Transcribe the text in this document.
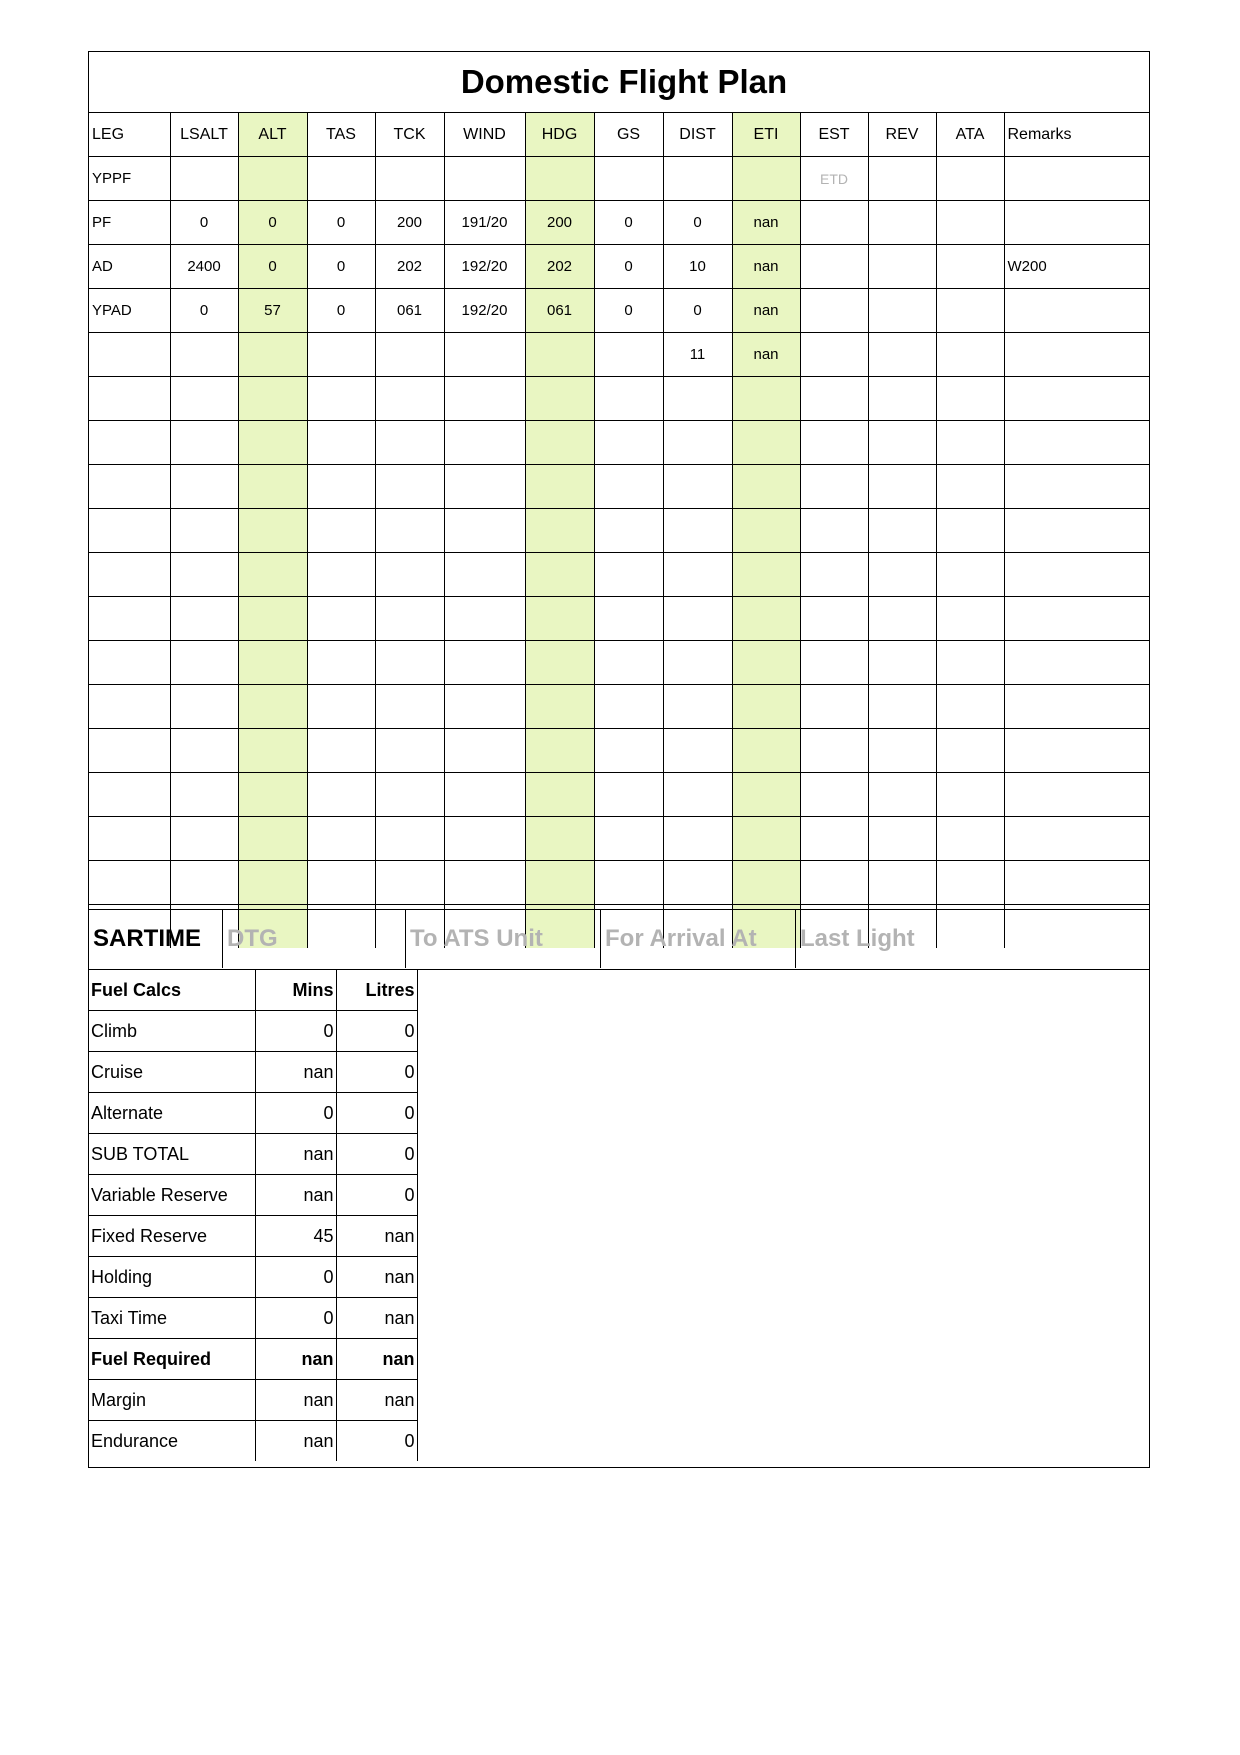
Domestic Flight Plan
LEG	LSALT	ALT	TAS	TCK	WIND	HDG	GS	DIST	ETI	EST	REV	ATA	Remarks
YPPF										ETD			
PF	0	0	0	200	191/20	200	0	0	nan				
AD	2400	0	0	202	192/20	202	0	10	nan				W200
YPAD	0	57	0	061	192/20	061	0	0	nan				
								11	nan				

SARTIME	DTG	To ATS Unit	For Arrival At	Last Light
Fuel Calcs	Mins	Litres
Climb	0	0
Cruise	nan	0
Alternate	0	0
SUB TOTAL	nan	0
Variable Reserve	nan	0
Fixed Reserve	45	nan
Holding	0	nan
Taxi Time	0	nan
Fuel Required	nan	nan
Margin	nan	nan
Endurance	nan	0
